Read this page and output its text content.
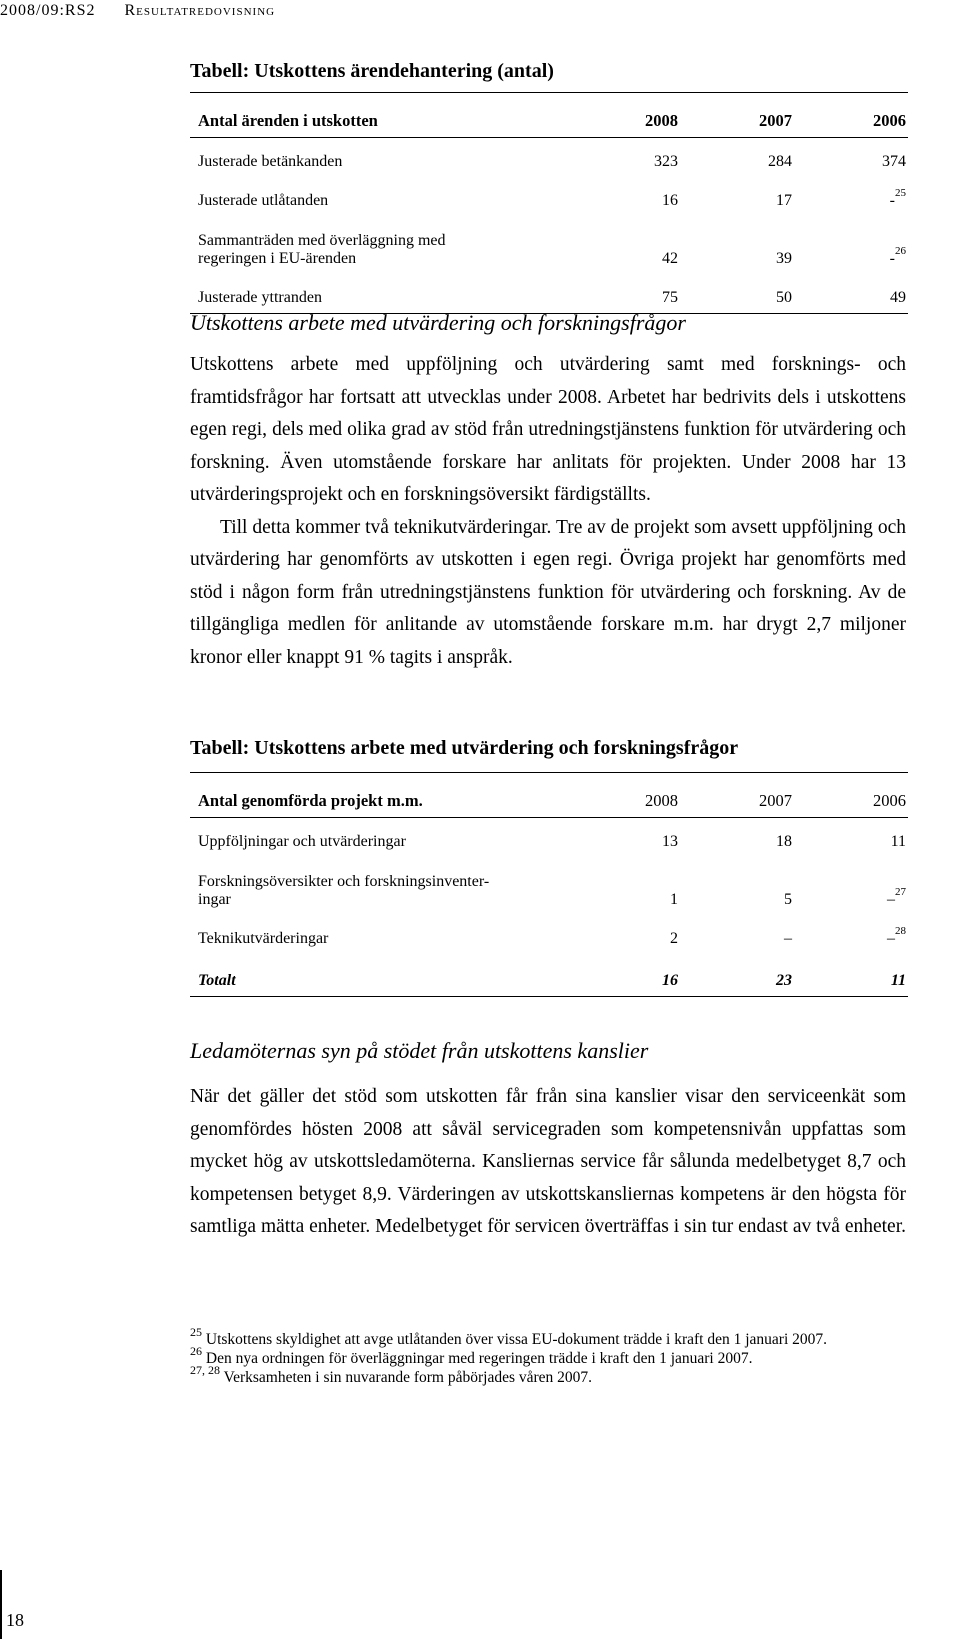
2008/09:RS2 Resultatredovisning
Tabell: Utskottens ärendehantering (antal)
Antal ärenden i utskotten	2008	2007	2006
Justerade betänkanden	323	284	374
Justerade utlåtanden	16	17	-$^{25}$

Sammanträden med överläggning med
regeringen i EU-ärenden	42	39	-$^{26}$
Justerade yttranden	75	50	49
Utskottens arbete med utvärdering och forskningsfrågor

Utskottens arbete med uppföljning och utvärdering samt med forsknings- och framtidsfrågor har fortsatt att utvecklas under 2008. Arbetet har bedrivits dels i utskottens egen regi, dels med olika grad av stöd från utredningstjänstens funktion för utvärdering och forskning. Även utomstående forskare har anlitats för projekten. Under 2008 har 13 utvärderingsprojekt och en forskningsöversikt färdigställts.

Till detta kommer två teknikutvärderingar. Tre av de projekt som avsett uppföljning och utvärdering har genomförts av utskotten i egen regi. Övriga projekt har genomförts med stöd i någon form från utredningstjänstens funktion för utvärdering och forskning. Av de tillgängliga medlen för anlitande av utomstående forskare m.m. har drygt 2,7 miljoner kronor eller knappt 91 % tagits i anspråk.

Tabell: Utskottens arbete med utvärdering och forskningsfrågor
Antal genomförda projekt m.m.	2008	2007	2006
Uppföljningar och utvärderingar	13	18	11

Forskningsöversikter och forskningsinventer-
ingar	1	5	–$^{27}$
Teknikutvärderingar	2	–	–$^{28}$
Totalt	16	23	11
Ledamöternas syn på stödet från utskottens kanslier

När det gäller det stöd som utskotten får från sina kanslier visar den serviceenkät som genomfördes hösten 2008 att såväl servicegraden som kompetensnivån uppfattas som mycket hög av utskottsledamöterna. Kansliernas service får sålunda medelbetyget 8,7 och kompetensen betyget 8,9. Värderingen av utskottskansliernas kompetens är den högsta för samtliga mätta enheter. Medelbetyget för servicen överträffas i sin tur endast av två enheter.

$^{25}$ Utskottens skyldighet att avge utlåtanden över vissa EU-dokument trädde i kraft den 1 januari 2007.

$^{26}$ Den nya ordningen för överläggningar med regeringen trädde i kraft den 1 januari 2007.

$^{27, 28}$ Verksamheten i sin nuvarande form påbörjades våren 2007.

18
